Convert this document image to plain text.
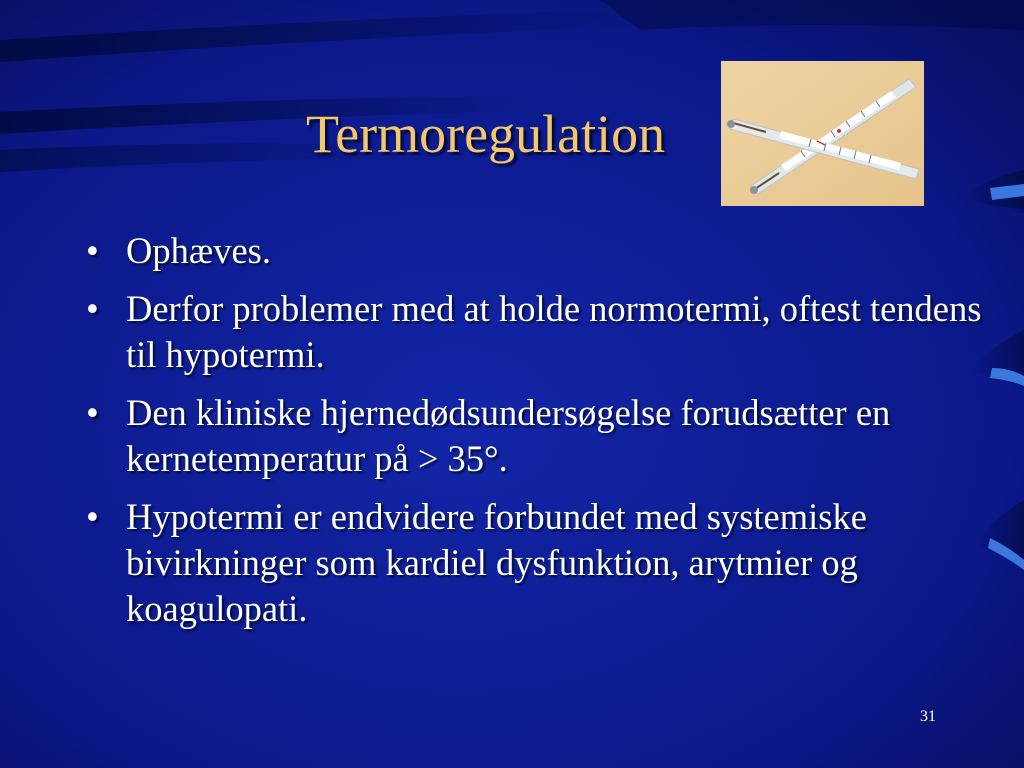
Termoregulation
• Ophæves.
• Derfor problemer med at holde normotermi, oftest tendens til hypotermi.
• Den kliniske hjernedødsundersøgelse forudsætter en kernetemperatur på > 35°.
• Hypotermi er endvidere forbundet med systemiske bivirkninger som kardiel dysfunktion, arytmier og koagulopati.
31
